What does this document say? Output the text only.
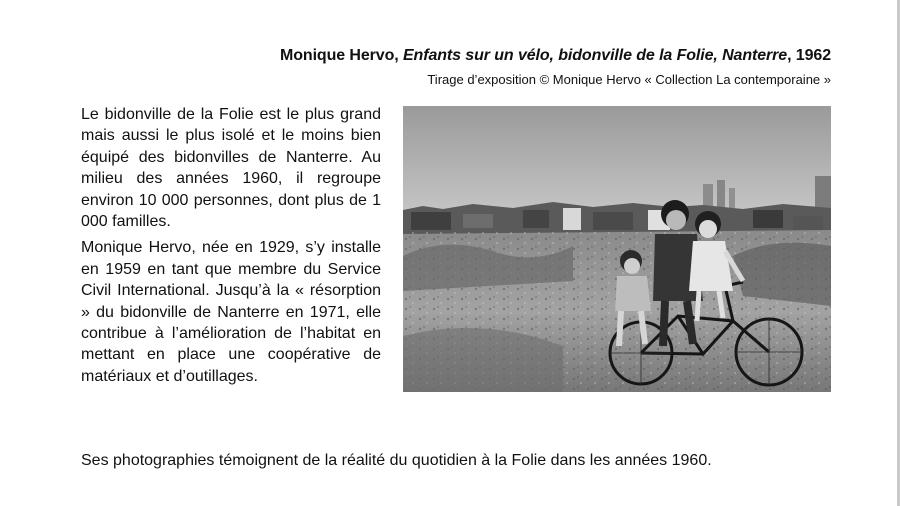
Monique Hervo, Enfants sur un vélo, bidonville de la Folie, Nanterre, 1962
Tirage d’exposition © Monique Hervo « Collection La contemporaine »

Le bidonville de la Folie est le plus grand mais aussi le plus isolé et le moins bien équipé des bidonvilles de Nanterre. Au milieu des années 1960, il regroupe environ 10 000 personnes, dont plus de 1 000 familles.

Monique Hervo, née en 1929, s’y installe en 1959 en tant que membre du Service Civil International. Jusqu’à la « résorption » du bidonville de Nanterre en 1971, elle contribue à l’amélioration de l’habitat en mettant en place une coopérative de matériaux et d’outillages.

Ses photographies témoignent de la réalité du quotidien à la Folie dans les années 1960.
